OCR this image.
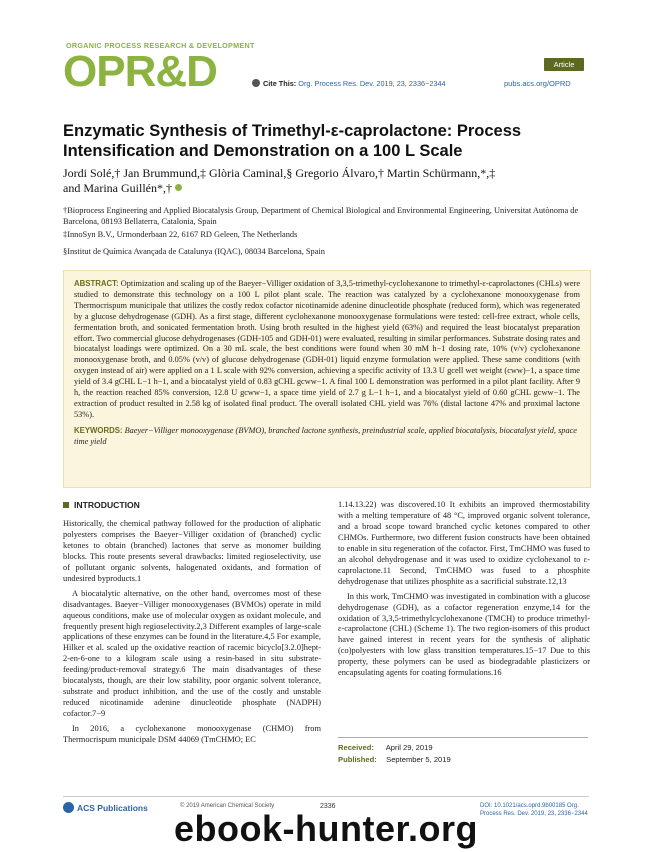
ORGANIC PROCESS RESEARCH & DEVELOPMENT
OPR&D	Article
Cite This: Org. Process Res. Dev. 2019, 23, 2336−2344	pubs.acs.org/OPRD
Enzymatic Synthesis of Trimethyl-ε-caprolactone: Process Intensification and Demonstration on a 100 L Scale
Jordi Solé,† Jan Brummund,‡ Glòria Caminal,§ Gregorio Álvaro,† Martin Schürmann,*,‡
and Marina Guillén*,†
†Bioprocess Engineering and Applied Biocatalysis Group, Department of Chemical Biological and Environmental Engineering, Universitat Autònoma de Barcelona, 08193 Bellaterra, Catalonia, Spain
‡InnoSyn B.V., Urmonderbaan 22, 6167 RD Geleen, The Netherlands
§Institut de Química Avançada de Catalunya (IQAC), 08034 Barcelona, Spain
ABSTRACT: Optimization and scaling up of the Baeyer−Villiger oxidation of 3,3,5-trimethyl-cyclohexanone to trimethyl-ε-caprolactones (CHLs) were studied to demonstrate this technology on a 100 L pilot plant scale. The reaction was catalyzed by a cyclohexanone monooxygenase from Thermocrispum municipale that utilizes the costly redox cofactor nicotinamide adenine dinucleotide phosphate (reduced form), which was regenerated by a glucose dehydrogenase (GDH). As a first stage, different cyclohexanone monooxygenase formulations were tested: cell-free extract, whole cells, fermentation broth, and sonicated fermentation broth. Using broth resulted in the highest yield (63%) and required the least biocatalyst preparation effort. Two commercial glucose dehydrogenases (GDH-105 and GDH-01) were evaluated, resulting in similar performances. Substrate dosing rates and biocatalyst loadings were optimized. On a 30 mL scale, the best conditions were found when 30 mM h−1 dosing rate, 10% (v/v) cyclohexanone monooxygenase broth, and 0.05% (v/v) of glucose dehydrogenase (GDH-01) liquid enzyme formulation were applied. These same conditions (with oxygen instead of air) were applied on a 1 L scale with 92% conversion, achieving a specific activity of 13.3 U gcell wet weight (cww)−1, a space time yield of 3.4 gCHL L−1 h−1, and a biocatalyst yield of 0.83 gCHL gcww−1. A final 100 L demonstration was performed in a pilot plant facility. After 9 h, the reaction reached 85% conversion, 12.8 U gcww−1, a space time yield of 2.7 g L−1 h−1, and a biocatalyst yield of 0.60 gCHL gcww−1. The extraction of product resulted in 2.58 kg of isolated final product. The overall isolated CHL yield was 76% (distal lactone 47% and proximal lactone 53%).
KEYWORDS: Baeyer−Villiger monooxygenase (BVMO), branched lactone synthesis, preindustrial scale, applied biocatalysis, biocatalyst yield, space time yield
INTRODUCTION

Historically, the chemical pathway followed for the production of aliphatic polyesters comprises the Baeyer−Villiger oxidation of (branched) cyclic ketones to obtain (branched) lactones that serve as monomer building blocks. This route presents several drawbacks: limited regioselectivity, use of pollutant organic solvents, halogenated oxidants, and formation of undesired byproducts.1

A biocatalytic alternative, on the other hand, overcomes most of these disadvantages. Baeyer−Villiger monooxygenases (BVMOs) operate in mild aqueous conditions, make use of molecular oxygen as oxidant molecule, and frequently present high regioselectivity.2,3 Different examples of large-scale applications of these enzymes can be found in the literature.4,5 For example, Hilker et al. scaled up the oxidative reaction of racemic bicyclo[3.2.0]hept-2-en-6-one to a kilogram scale using a resin-based in situ substrate-feeding/product-removal strategy.6 The main disadvantages of these biocatalysts, though, are their low stability, poor organic solvent tolerance, substrate and product inhibition, and the use of the costly and unstable reduced nicotinamide adenine dinucleotide phosphate (NADPH) cofactor.7−9

In 2016, a cyclohexanone monooxygenase (CHMO) from Thermocrispum municipale DSM 44069 (TmCHMO; EC

1.14.13.22) was discovered.10 It exhibits an improved thermostability with a melting temperature of 48 °C, improved organic solvent tolerance, and a broad scope toward branched cyclic ketones compared to other CHMOs. Furthermore, two different fusion constructs have been obtained to enable in situ regeneration of the cofactor. First, TmCHMO was fused to an alcohol dehydrogenase and it was used to oxidize cyclohexanol to ε-caprolactone.11 Second, TmCHMO was fused to a phosphite dehydrogenase that utilizes phosphite as a sacrificial substrate.12,13

In this work, TmCHMO was investigated in combination with a glucose dehydrogenase (GDH), as a cofactor regeneration enzyme,14 for the oxidation of 3,3,5-trimethylcyclohexanone (TMCH) to produce trimethyl-ε-caprolactone (CHL) (Scheme 1). The two region-isomers of this product have gained interest in recent years for the synthesis of aliphatic (co)polyesters with low glass transition temperatures.15−17 Due to this property, these polymers can be used as biodegradable plasticizers or encapsulating agents for coating formulations.16

Received: April 29, 2019
Published: September 5, 2019
ACS Publications	© 2019 American Chemical Society	2336	DOI: 10.1021/acs.oprd.9b00185 Org. Process Res. Dev. 2019, 23, 2336−2344
ebook-hunter.org
